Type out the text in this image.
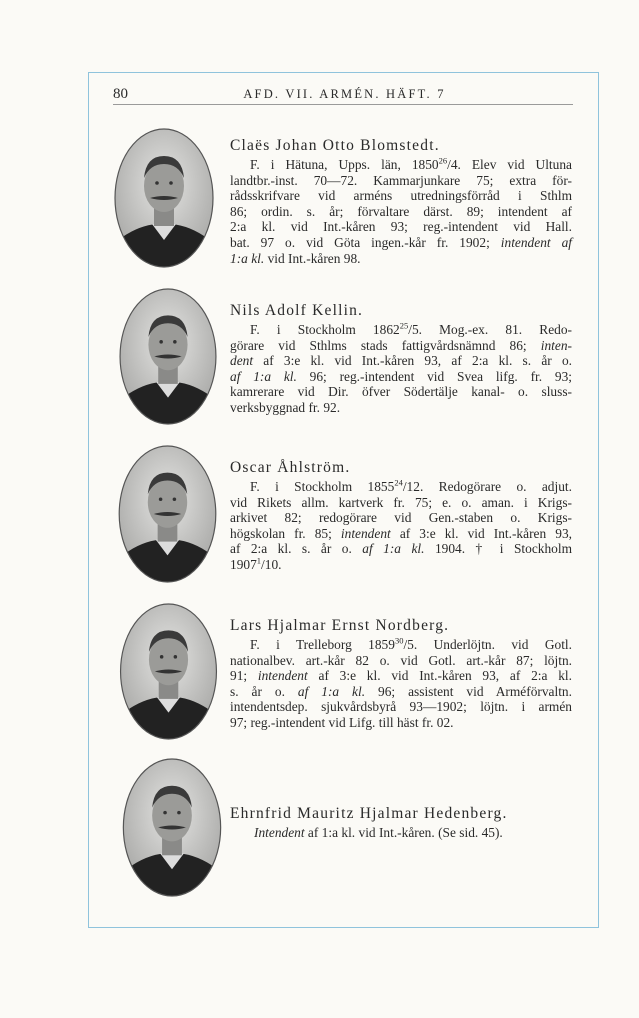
80	AFD. VII. ARMÉN. HÄFT. 7
Claës Johan Otto Blomstedt.
F. i Hätuna, Upps. län, 1850$^{26}$/4. Elev vid Ultuna
landtbr.-inst. 70—72. Kammarjunkare 75; extra för-
rådsskrifvare vid arméns utredningsförråd i Sthlm
86; ordin. s. år; förvaltare därst. 89; intendent af
2:a kl. vid Int.-kåren 93; reg.-intendent vid Hall.
bat. 97 o. vid Göta ingen.-kår fr. 1902; intendent af
1:a kl. vid Int.-kåren 98.
Nils Adolf Kellin.
F. i Stockholm 1862$^{25}$/5. Mog.-ex. 81. Redo-
görare vid Sthlms stads fattigvårdsnämnd 86; inten-
dent af 3:e kl. vid Int.-kåren 93, af 2:a kl. s. år o.
af 1:a kl. 96; reg.-intendent vid Svea lifg. fr. 93;
kamrerare vid Dir. öfver Södertälje kanal- o. sluss-
verksbyggnad fr. 92.
Oscar Åhlström.
F. i Stockholm 1855$^{24}$/12. Redogörare o. adjut.
vid Rikets allm. kartverk fr. 75; e. o. aman. i Krigs-
arkivet 82; redogörare vid Gen.-staben o. Krigs-
högskolan fr. 85; intendent af 3:e kl. vid Int.-kåren 93,
af 2:a kl. s. år o. af 1:a kl. 1904. † i Stockholm
1907$^1$/10.
Lars Hjalmar Ernst Nordberg.
F. i Trelleborg 1859$^{30}$/5. Underlöjtn. vid Gotl.
nationalbev. art.-kår 82 o. vid Gotl. art.-kår 87; löjtn.
91; intendent af 3:e kl. vid Int.-kåren 93, af 2:a kl.
s. år o. af 1:a kl. 96; assistent vid Arméförvaltn.
intendentsdep. sjukvårdsbyrå 93—1902; löjtn. i armén
97; reg.-intendent vid Lifg. till häst fr. 02.
Ehrnfrid Mauritz Hjalmar Hedenberg.
Intendent af 1:a kl. vid Int.-kåren. (Se sid. 45).
